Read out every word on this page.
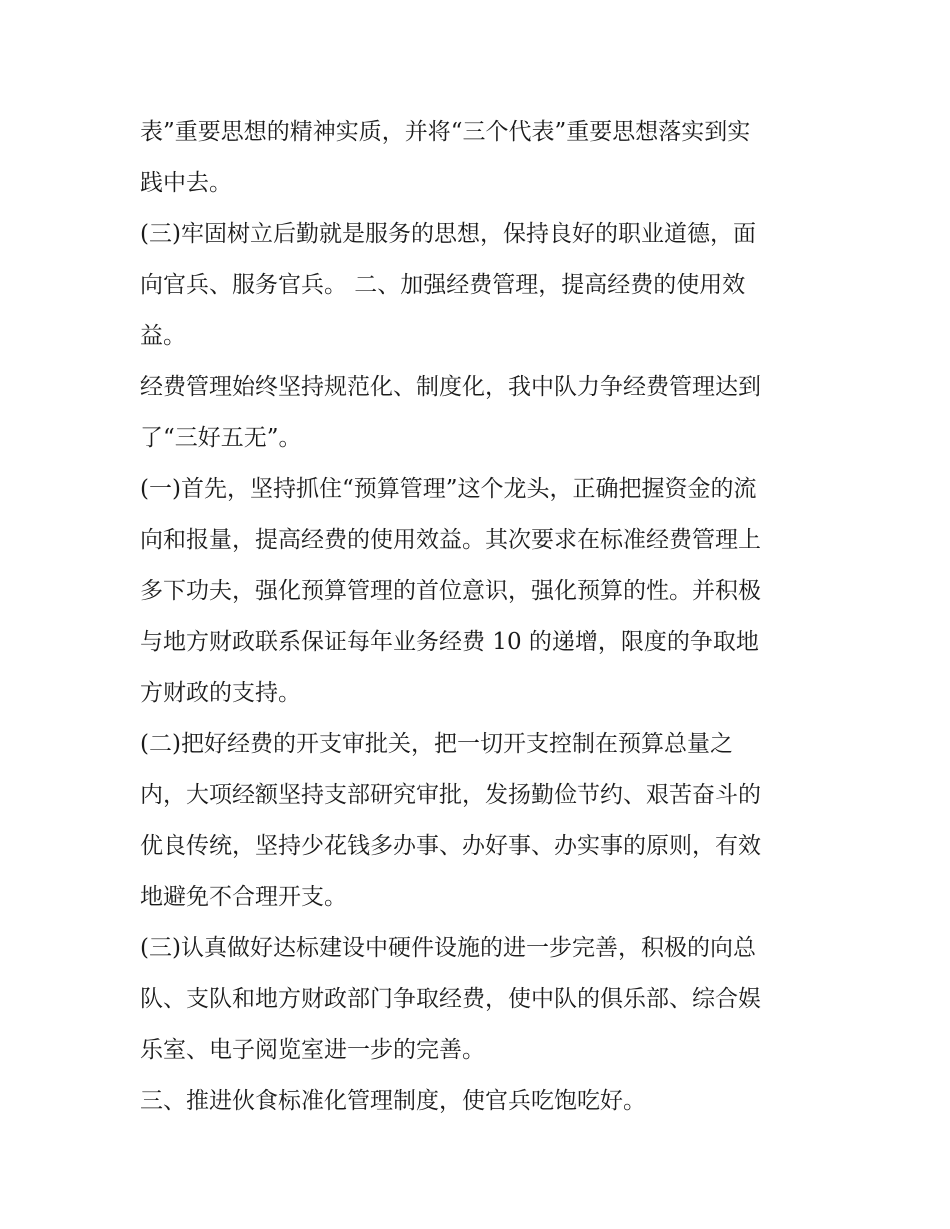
表”重要思想的精神实质，并将“三个代表”重要思想落实到实
践中去。

(三)牢固树立后勤就是服务的思想，保持良好的职业道德，面
向官兵、服务官兵。 二、加强经费管理，提高经费的使用效
益。

经费管理始终坚持规范化、制度化，我中队力争经费管理达到
了“三好五无”。

(一)首先，坚持抓住“预算管理”这个龙头，正确把握资金的流
向和报量，提高经费的使用效益。其次要求在标准经费管理上
多下功夫，强化预算管理的首位意识，强化预算的性。并积极
与地方财政联系保证每年业务经费 10 的递增，限度的争取地
方财政的支持。

(二)把好经费的开支审批关，把一切开支控制在预算总量之
内，大项经额坚持支部研究审批，发扬勤俭节约、艰苦奋斗的
优良传统，坚持少花钱多办事、办好事、办实事的原则，有效
地避免不合理开支。

(三)认真做好达标建设中硬件设施的进一步完善，积极的向总
队、支队和地方财政部门争取经费，使中队的俱乐部、综合娱
乐室、电子阅览室进一步的完善。

三、推进伙食标准化管理制度，使官兵吃饱吃好。
